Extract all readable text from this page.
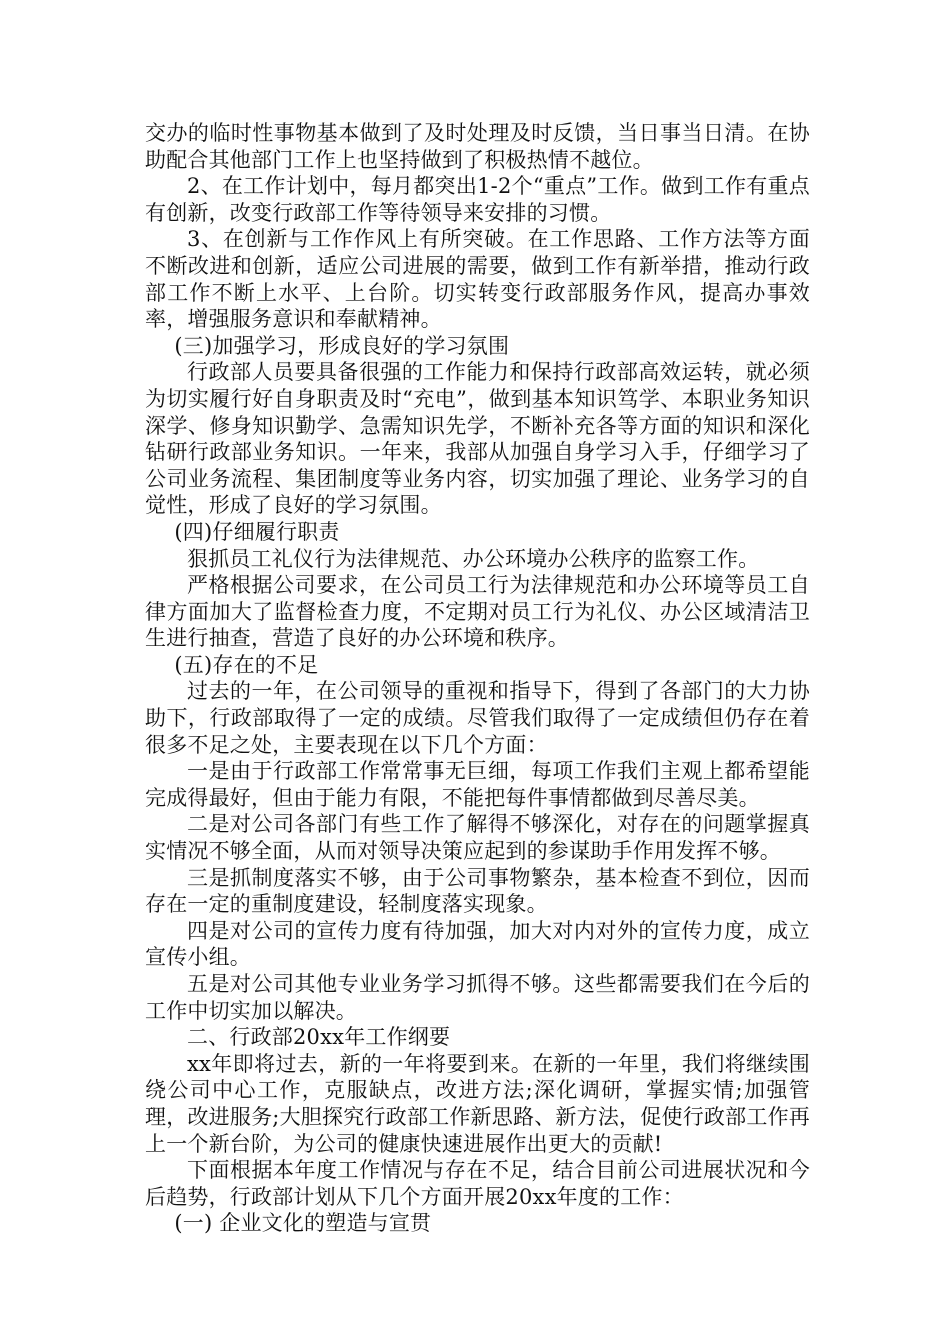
交办的临时性事物基本做到了及时处理及时反馈，当日事当日清。在协助配合其他部门工作上也坚持做到了积极热情不越位。

2、在工作计划中，每月都突出1-2个“重点”工作。做到工作有重点有创新，改变行政部工作等待领导来安排的习惯。

3、在创新与工作作风上有所突破。在工作思路、工作方法等方面不断改进和创新，适应公司进展的需要，做到工作有新举措，推动行政部工作不断上水平、上台阶。切实转变行政部服务作风，提高办事效率，增强服务意识和奉献精神。

(三)加强学习，形成良好的学习氛围

行政部人员要具备很强的工作能力和保持行政部高效运转，就必须为切实履行好自身职责及时“充电”，做到基本知识笃学、本职业务知识深学、修身知识勤学、急需知识先学，不断补充各等方面的知识和深化钻研行政部业务知识。一年来，我部从加强自身学习入手，仔细学习了公司业务流程、集团制度等业务内容，切实加强了理论、业务学习的自觉性，形成了良好的学习氛围。

(四)仔细履行职责

狠抓员工礼仪行为法律规范、办公环境办公秩序的监察工作。

严格根据公司要求，在公司员工行为法律规范和办公环境等员工自律方面加大了监督检查力度，不定期对员工行为礼仪、办公区域清洁卫生进行抽查，营造了良好的办公环境和秩序。

(五)存在的不足

过去的一年，在公司领导的重视和指导下，得到了各部门的大力协助下，行政部取得了一定的成绩。尽管我们取得了一定成绩但仍存在着很多不足之处，主要表现在以下几个方面：

一是由于行政部工作常常事无巨细，每项工作我们主观上都希望能完成得最好，但由于能力有限，不能把每件事情都做到尽善尽美。

二是对公司各部门有些工作了解得不够深化，对存在的问题掌握真实情况不够全面，从而对领导决策应起到的参谋助手作用发挥不够。

三是抓制度落实不够，由于公司事物繁杂，基本检查不到位，因而存在一定的重制度建设，轻制度落实现象。

四是对公司的宣传力度有待加强，加大对内对外的宣传力度，成立宣传小组。

五是对公司其他专业业务学习抓得不够。这些都需要我们在今后的工作中切实加以解决。

二、行政部20xx年工作纲要

xx年即将过去，新的一年将要到来。在新的一年里，我们将继续围绕公司中心工作，克服缺点，改进方法;深化调研，掌握实情;加强管理，改进服务;大胆探究行政部工作新思路、新方法，促使行政部工作再上一个新台阶，为公司的健康快速进展作出更大的贡献!

下面根据本年度工作情况与存在不足，结合目前公司进展状况和今后趋势，行政部计划从下几个方面开展20xx年度的工作：

(一) 企业文化的塑造与宣贯
